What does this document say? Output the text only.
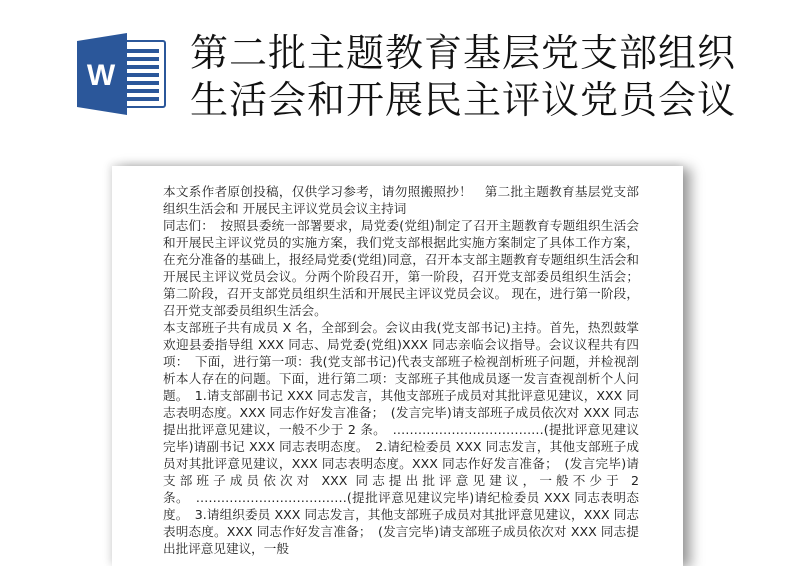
W
第二批主题教育基层党支部组织
生活会和开展民主评议党员会议

本文系作者原创投稿，仅供学习参考，请勿照搬照抄！　第二批主题教育基层党支部组织生活会和 开展民主评议党员会议主持词

同志们：　按照县委统一部署要求，局党委(党组)制定了召开主题教育专题组织生活会和开展民主评议党员的实施方案，我们党支部根据此实施方案制定了具体工作方案，在充分准备的基础上，报经局党委(党组)同意，召开本支部主题教育专题组织生活会和开展民主评议党员会议。分两个阶段召开，第一阶段，召开党支部委员组织生活会；第二阶段，召开支部党员组织生活和开展民主评议党员会议。 现在，进行第一阶段，召开党支部委员组织生活会。

本支部班子共有成员 X 名，全部到会。会议由我(党支部书记)主持。首先，热烈鼓掌欢迎县委指导组 XXX 同志、局党委(党组)XXX 同志亲临会议指导。会议议程共有四项：　下面，进行第一项：我(党支部书记)代表支部班子检视剖析班子问题，并检视剖析本人存在的问题。下面，进行第二项：支部班子其他成员逐一发言查视剖析个人问题。　1.请支部副书记 XXX 同志发言，其他支部班子成员对其批评意见建议，XXX 同志表明态度。XXX 同志作好发言准备；　(发言完毕)请支部班子成员依次对 XXX 同志提出批评意见建议，一般不少于 2 条。　………………………………(提批评意见建议完毕)请副书记 XXX 同志表明态度。　2.请纪检委员 XXX 同志发言，其他支部班子成员对其批评意见建议，XXX 同志表明态度。XXX 同志作好发言准备；　(发言完毕)请支部班子成员依次对 XXX 同志提出批评意见建议，一般不少于 2 条。　………………………………(提批评意见建议完毕)请纪检委员 XXX 同志表明态度。　3.请组织委员 XXX 同志发言，其他支部班子成员对其批评意见建议，XXX 同志表明态度。XXX 同志作好发言准备；　(发言完毕)请支部班子成员依次对 XXX 同志提出批评意见建议，一般
